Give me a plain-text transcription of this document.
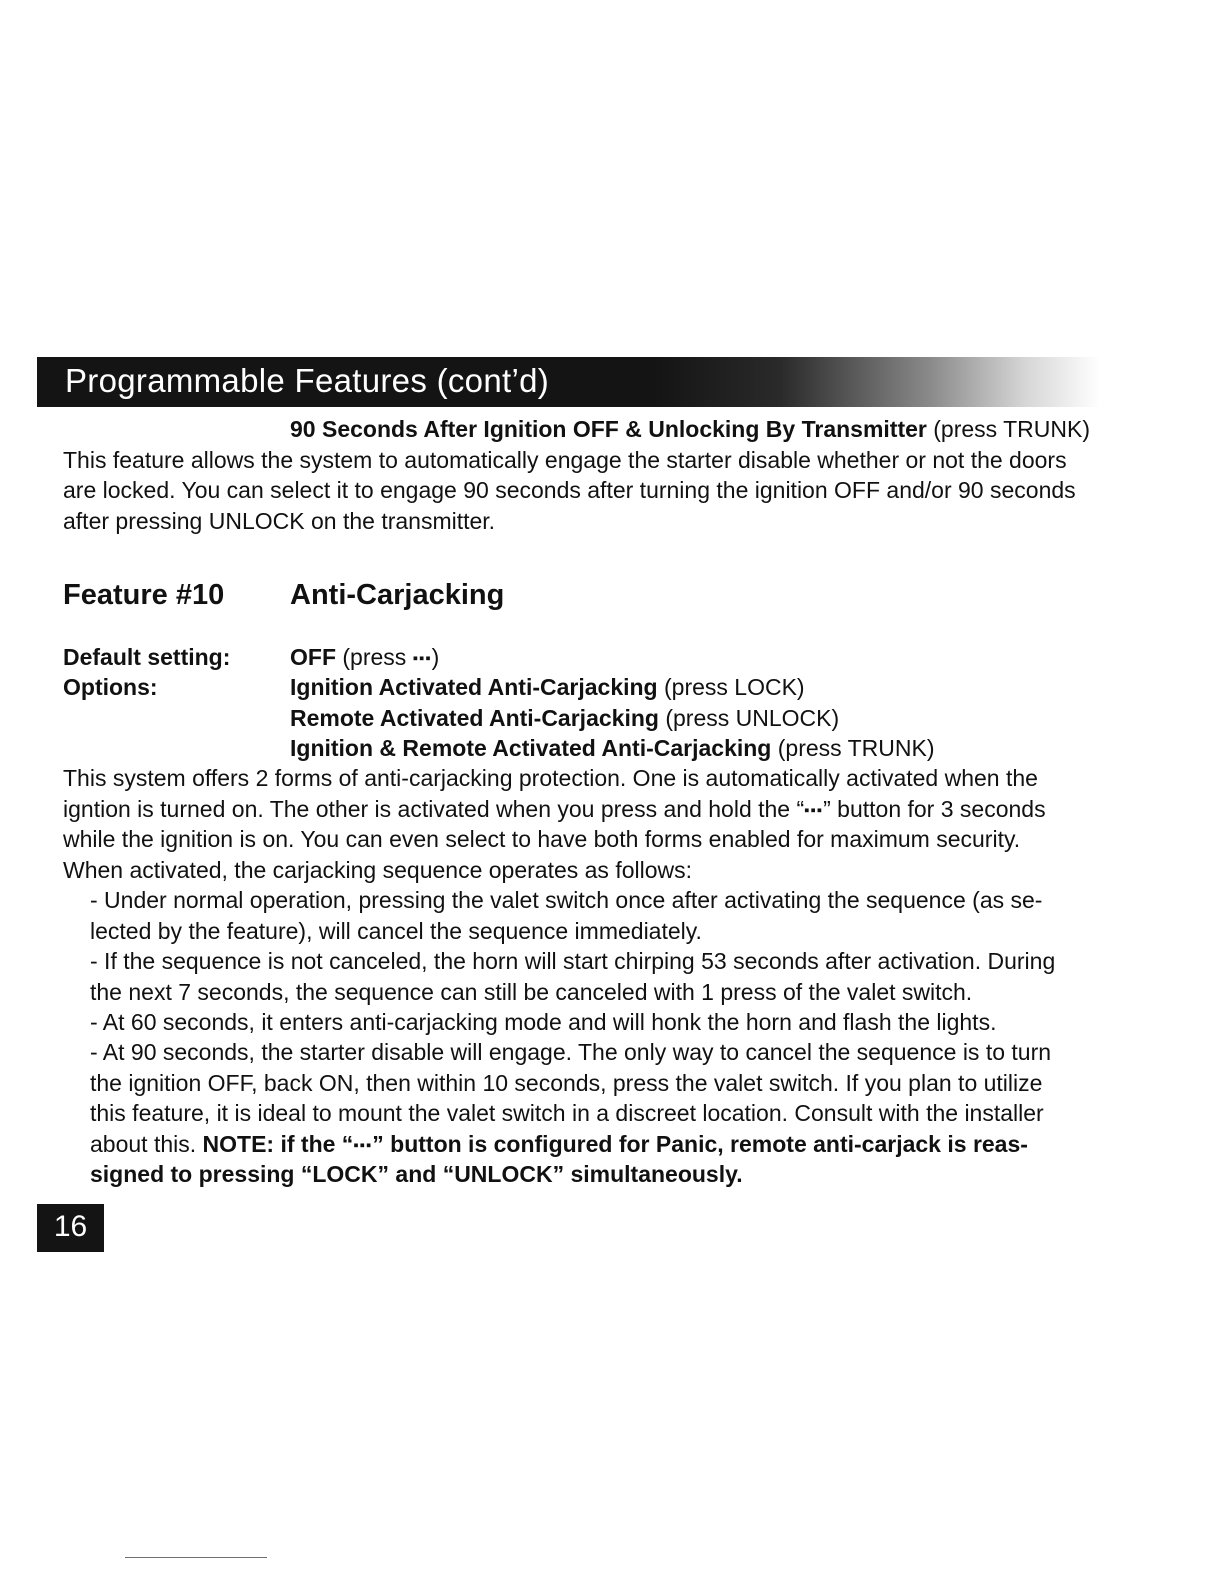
Programmable Features (cont’d)
90 Seconds After Ignition OFF & Unlocking By Transmitter (press TRUNK)
This feature allows the system to automatically engage the starter disable whether or not the doors
are locked. You can select it to engage 90 seconds after turning the ignition OFF and/or 90 seconds
after pressing UNLOCK on the transmitter.
Feature #10 Anti-Carjacking
Default setting:	OFF (press ▪▪▪)
Options:	Ignition Activated Anti-Carjacking (press LOCK)
Remote Activated Anti-Carjacking (press UNLOCK)
Ignition & Remote Activated Anti-Carjacking (press TRUNK)
This system offers 2 forms of anti-carjacking protection. One is automatically activated when the
igntion is turned on. The other is activated when you press and hold the “▪▪▪” button for 3 seconds
while the ignition is on. You can even select to have both forms enabled for maximum security.
When activated, the carjacking sequence operates as follows:
- Under normal operation, pressing the valet switch once after activating the sequence (as se-
lected by the feature), will cancel the sequence immediately.
- If the sequence is not canceled, the horn will start chirping 53 seconds after activation. During
the next 7 seconds, the sequence can still be canceled with 1 press of the valet switch.
- At 60 seconds, it enters anti-carjacking mode and will honk the horn and flash the lights.
- At 90 seconds, the starter disable will engage. The only way to cancel the sequence is to turn
the ignition OFF, back ON, then within 10 seconds, press the valet switch. If you plan to utilize
this feature, it is ideal to mount the valet switch in a discreet location. Consult with the installer
about this. NOTE: if the “▪▪▪” button is configured for Panic, remote anti-carjack is reas-
signed to pressing “LOCK” and “UNLOCK” simultaneously.
16
